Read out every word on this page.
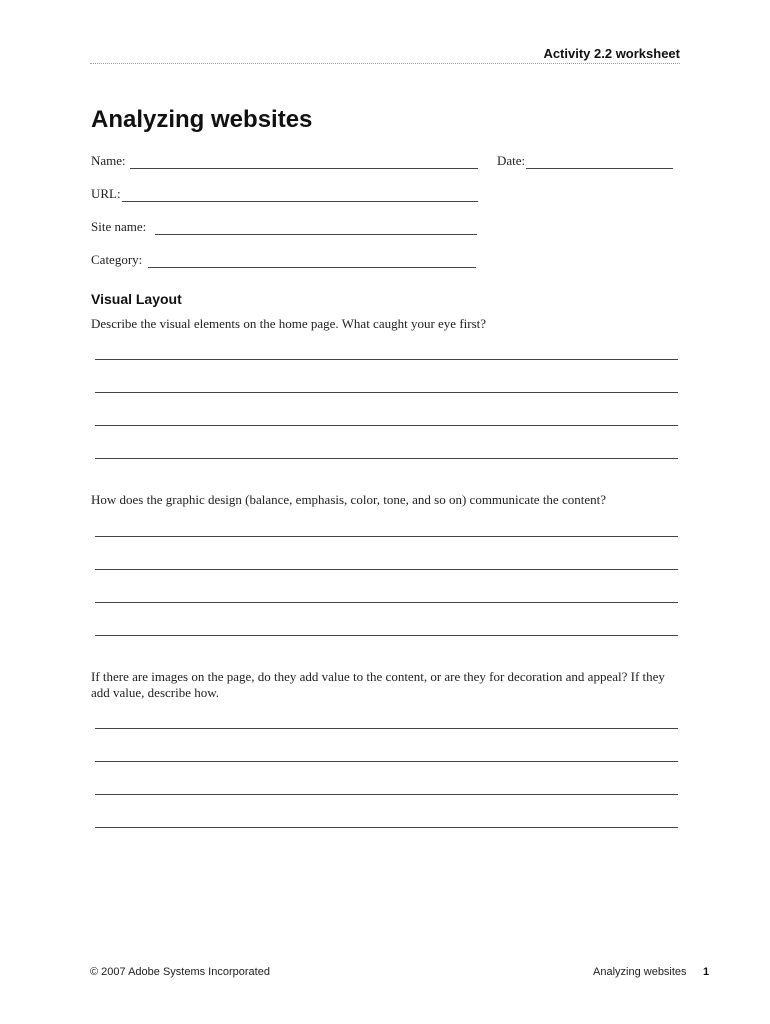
Activity 2.2 worksheet
Analyzing websites
Name:	Date:
URL:
Site name:
Category:
Visual Layout

Describe the visual elements on the home page. What caught your eye first?

How does the graphic design (balance, emphasis, color, tone, and so on) communicate the content?

If there are images on the page, do they add value to the content, or are they for decoration and appeal? If they add value, describe how.

© 2007 Adobe Systems Incorporated	Analyzing websites 1
